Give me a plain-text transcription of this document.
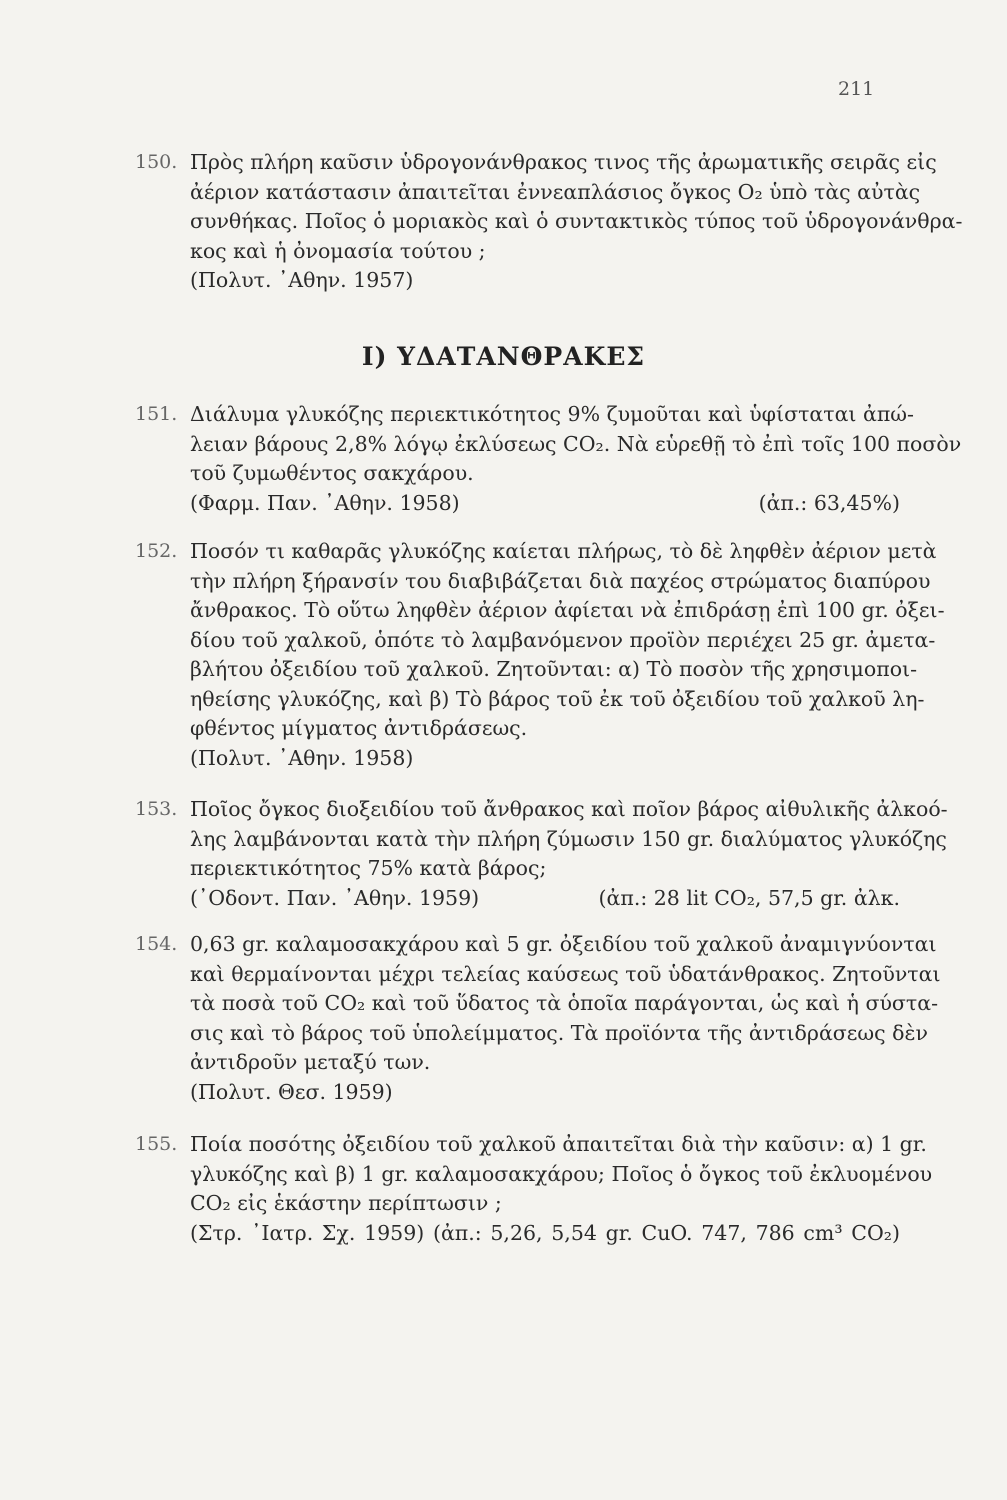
211
150. Πρὸς πλήρη καῦσιν ὑδρογονάνθρακος τινος τῆς ἀρωματικῆς σειρᾶς εἰς
ἀέριον κατάστασιν ἀπαιτεῖται ἐννεαπλάσιος ὄγκος O₂ ὑπὸ τὰς αὐτὰς
συνθήκας. Ποῖος ὁ μοριακὸς καὶ ὁ συντακτικὸς τύπος τοῦ ὑδρογονάνθρα-
κος καὶ ἡ ὀνομασία τούτου ;
(Πολυτ. ᾿Αθην. 1957)
I) ΥΔΑΤΑΝΘΡΑΚΕΣ
151. Διάλυμα γλυκόζης περιεκτικότητος 9% ζυμοῦται καὶ ὑφίσταται ἀπώ-
λειαν βάρους 2,8% λόγῳ ἐκλύσεως CO₂. Νὰ εὑρεθῇ τὸ ἐπὶ τοῖς 100 ποσὸν
τοῦ ζυμωθέντος σακχάρου.
(Φαρμ. Παν. ᾿Αθην. 1958)	(ἀπ.: 63,45%)
152. Ποσόν τι καθαρᾶς γλυκόζης καίεται πλήρως, τὸ δὲ ληφθὲν ἀέριον μετὰ
τὴν πλήρη ξήρανσίν του διαβιβάζεται διὰ παχέος στρώματος διαπύρου
ἄνθρακος. Τὸ οὕτω ληφθὲν ἀέριον ἀφίεται νὰ ἐπιδράσῃ ἐπὶ 100 gr. ὀξει-
δίου τοῦ χαλκοῦ, ὁπότε τὸ λαμβανόμενον προϊὸν περιέχει 25 gr. ἀμετα-
βλήτου ὀξειδίου τοῦ χαλκοῦ. Ζητοῦνται: α) Τὸ ποσὸν τῆς χρησιμοποι-
ηθείσης γλυκόζης, καὶ β) Τὸ βάρος τοῦ ἐκ τοῦ ὀξειδίου τοῦ χαλκοῦ λη-
φθέντος μίγματος ἀντιδράσεως.
(Πολυτ. ᾿Αθην. 1958)
153. Ποῖος ὄγκος διοξειδίου τοῦ ἄνθρακος καὶ ποῖον βάρος αἰθυλικῆς ἀλκοό-
λης λαμβάνονται κατὰ τὴν πλήρη ζύμωσιν 150 gr. διαλύματος γλυκόζης
περιεκτικότητος 75% κατὰ βάρος;
(᾿Οδοντ. Παν. ᾿Αθην. 1959)	(ἀπ.: 28 lit CO₂, 57,5 gr. ἀλκ.
154. 0,63 gr. καλαμοσακχάρου καὶ 5 gr. ὀξειδίου τοῦ χαλκοῦ ἀναμιγνύονται
καὶ θερμαίνονται μέχρι τελείας καύσεως τοῦ ὑδατάνθρακος. Ζητοῦνται
τὰ ποσὰ τοῦ CO₂ καὶ τοῦ ὕδατος τὰ ὁποῖα παράγονται, ὡς καὶ ἡ σύστα-
σις καὶ τὸ βάρος τοῦ ὑπολείμματος. Τὰ προϊόντα τῆς ἀντιδράσεως δὲν
ἀντιδροῦν μεταξύ των.
(Πολυτ. Θεσ. 1959)
155. Ποία ποσότης ὀξειδίου τοῦ χαλκοῦ ἀπαιτεῖται διὰ τὴν καῦσιν: α) 1 gr.
γλυκόζης καὶ β) 1 gr. καλαμοσακχάρου; Ποῖος ὁ ὄγκος τοῦ ἐκλυομένου
CO₂ εἰς ἑκάστην περίπτωσιν ;
(Στρ. ᾿Ιατρ. Σχ. 1959) (ἀπ.: 5,26, 5,54 gr. CuO. 747, 786 cm³ CO₂)
